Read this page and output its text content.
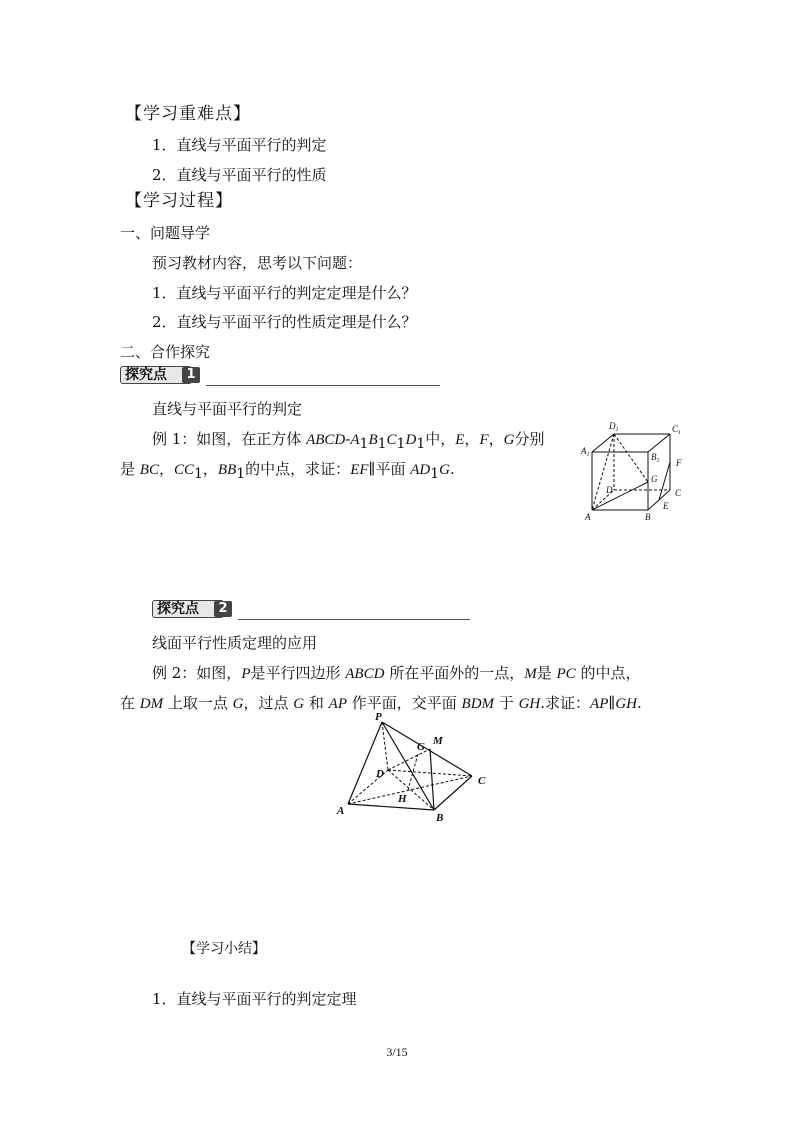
【学习重难点】
1．直线与平面平行的判定
2．直线与平面平行的性质
【学习过程】
一、问题导学
预习教材内容，思考以下问题：
1．直线与平面平行的判定定理是什么？
2．直线与平面平行的性质定理是什么？
二、合作探究
探究点	1
直线与平面平行的判定
例 1：如图，在正方体 ABCD-$A_1B_1C_1D_1$中，E，F，G分别
是 BC，$CC_1$，$BB_1$的中点，求证：EF∥平面 $AD_1G$.
$D_1$	$C_1$
$A_1$	$B_1$ F
G
D	C
A	B
E
探究点	2
线面平行性质定理的应用
例 2：如图，P是平行四边形 ABCD 所在平面外的一点，M是 PC 的中点，
在 DM 上取一点 G，过点 G 和 AP 作平面，交平面 BDM 于 GH.求证：AP∥GH.
P
G M
D
C
H
A
B
【学习小结】
1．直线与平面平行的判定定理
3/15
